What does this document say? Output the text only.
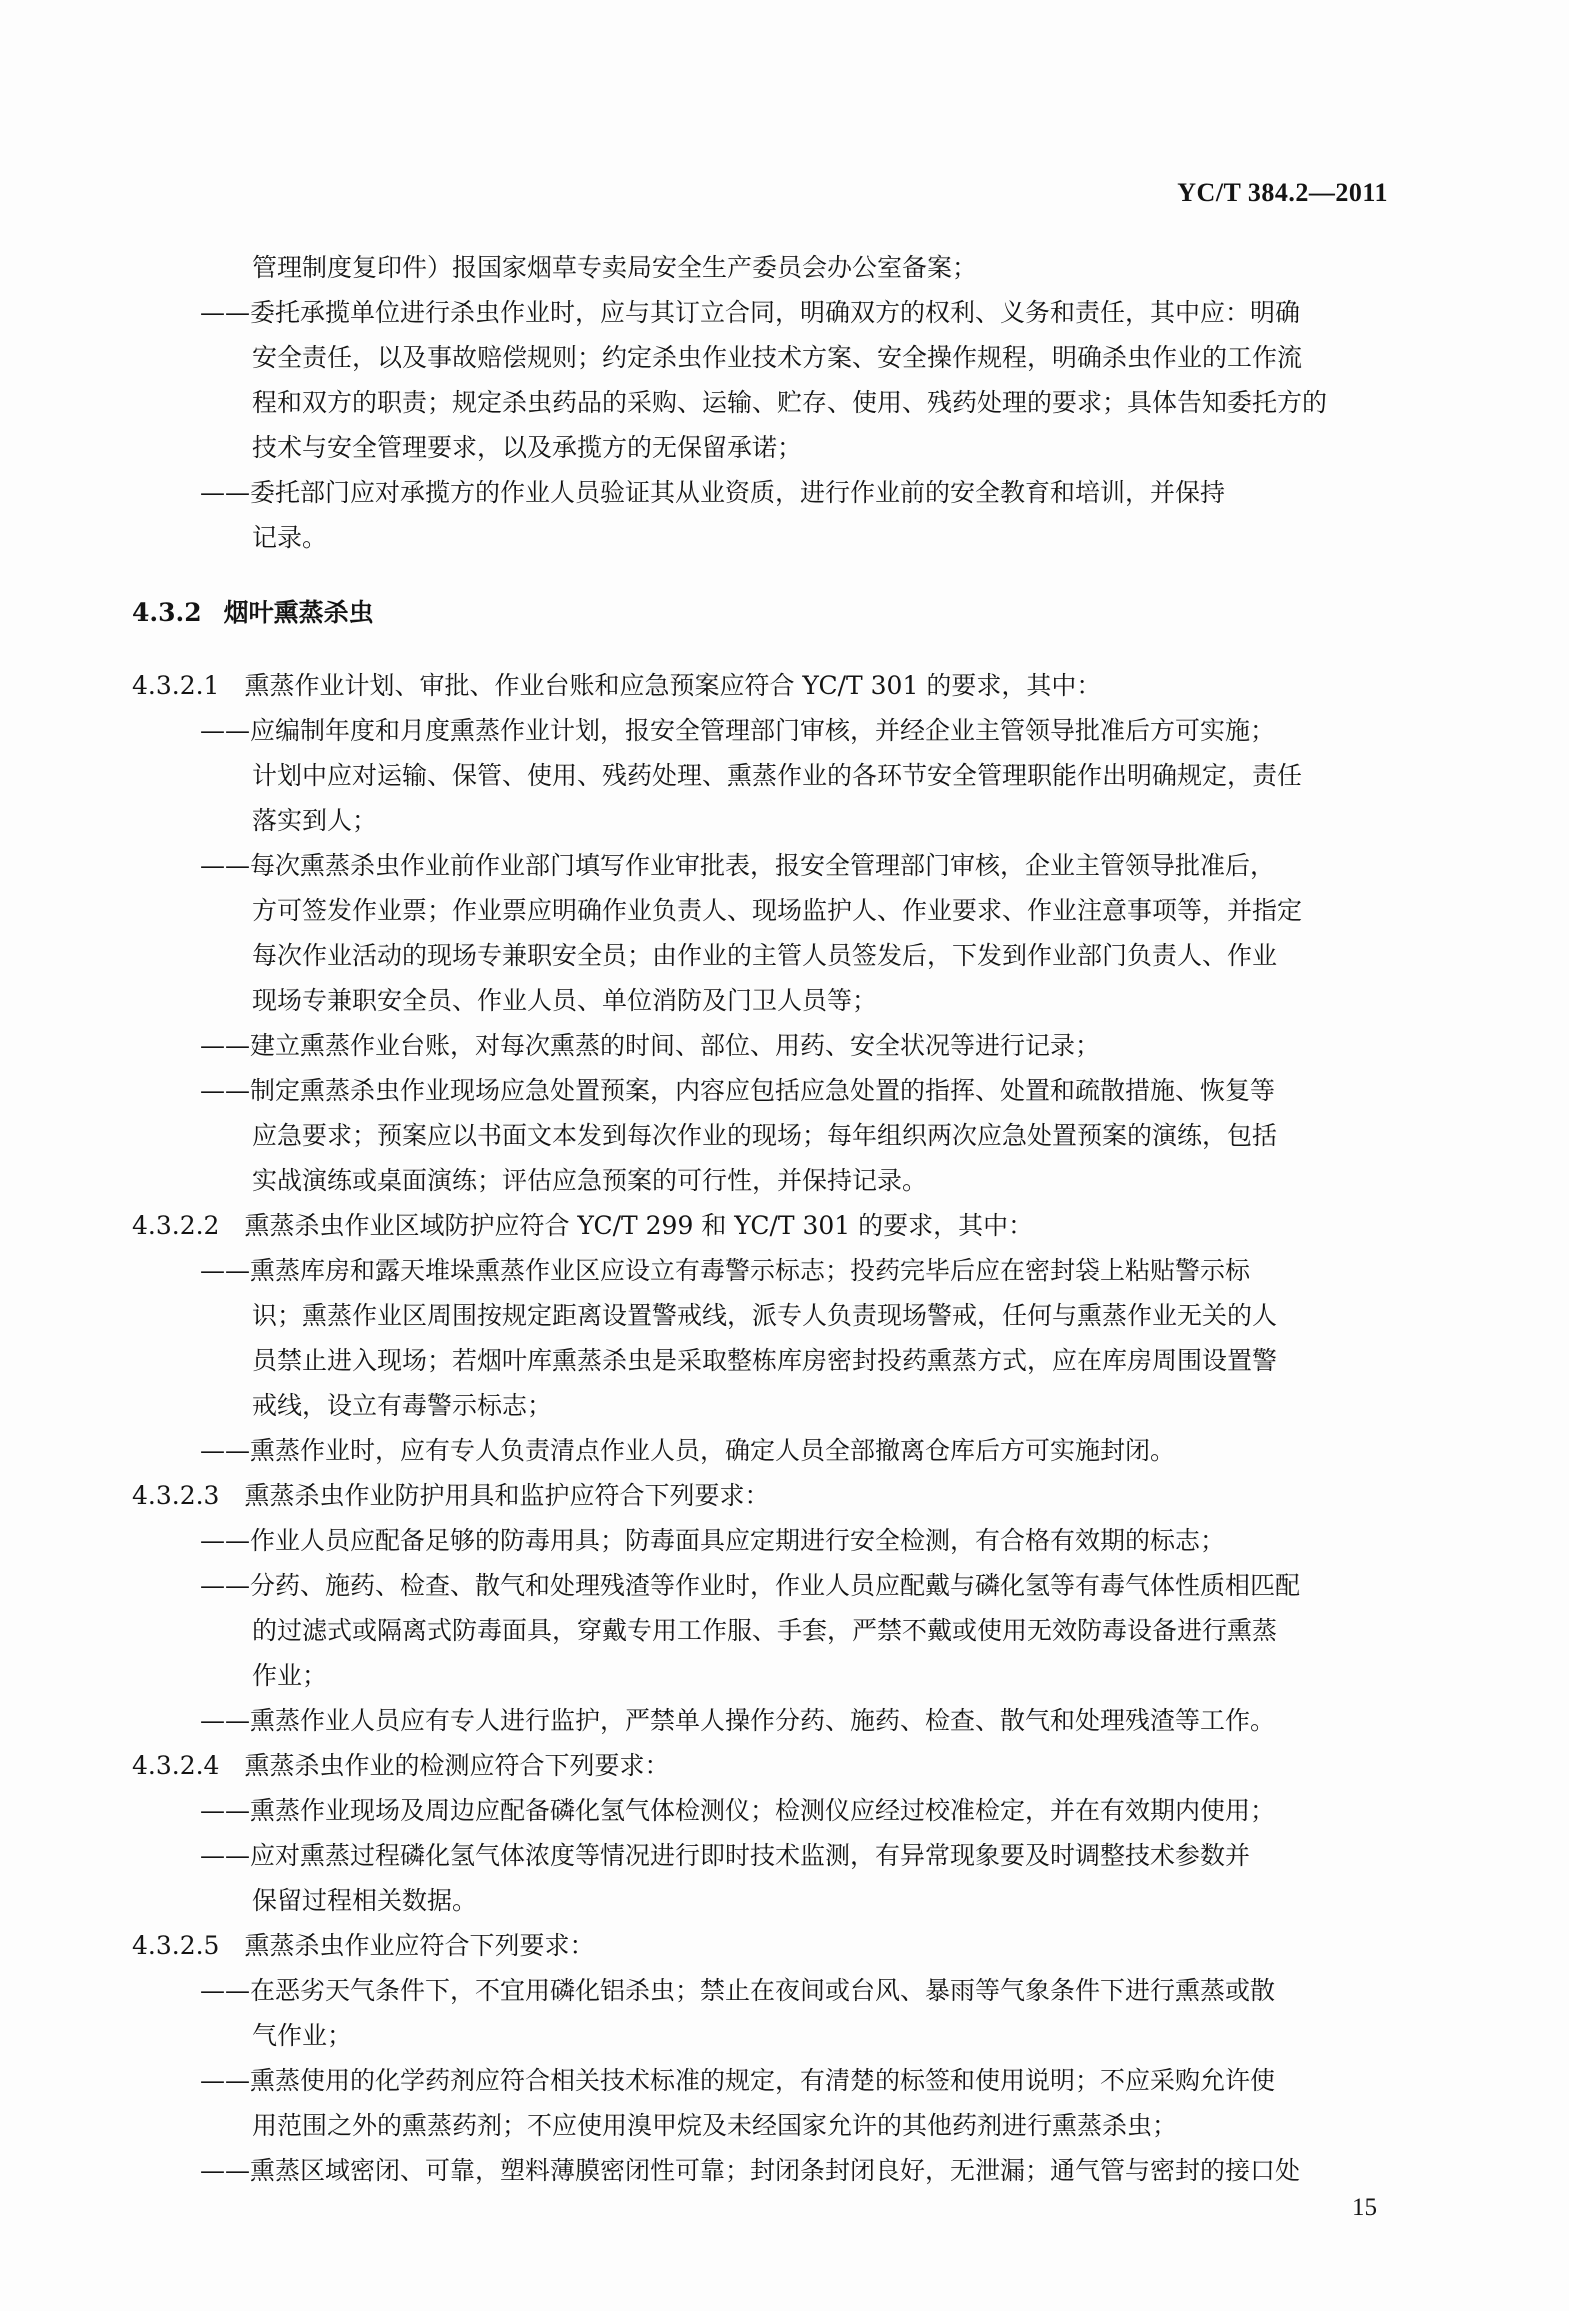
YC/T 384.2—2011
管理制度复印件）报国家烟草专卖局安全生产委员会办公室备案；
——委托承揽单位进行杀虫作业时，应与其订立合同，明确双方的权利、义务和责任，其中应：明确
安全责任，以及事故赔偿规则；约定杀虫作业技术方案、安全操作规程，明确杀虫作业的工作流
程和双方的职责；规定杀虫药品的采购、运输、贮存、使用、残药处理的要求；具体告知委托方的
技术与安全管理要求，以及承揽方的无保留承诺；
——委托部门应对承揽方的作业人员验证其从业资质，进行作业前的安全教育和培训，并保持
记录。
4.3.2 烟叶熏蒸杀虫
4.3.2.1　熏蒸作业计划、审批、作业台账和应急预案应符合 YC/T 301 的要求，其中：
——应编制年度和月度熏蒸作业计划，报安全管理部门审核，并经企业主管领导批准后方可实施；
计划中应对运输、保管、使用、残药处理、熏蒸作业的各环节安全管理职能作出明确规定，责任
落实到人；
——每次熏蒸杀虫作业前作业部门填写作业审批表，报安全管理部门审核，企业主管领导批准后，
方可签发作业票；作业票应明确作业负责人、现场监护人、作业要求、作业注意事项等，并指定
每次作业活动的现场专兼职安全员；由作业的主管人员签发后，下发到作业部门负责人、作业
现场专兼职安全员、作业人员、单位消防及门卫人员等；
——建立熏蒸作业台账，对每次熏蒸的时间、部位、用药、安全状况等进行记录；
——制定熏蒸杀虫作业现场应急处置预案，内容应包括应急处置的指挥、处置和疏散措施、恢复等
应急要求；预案应以书面文本发到每次作业的现场；每年组织两次应急处置预案的演练，包括
实战演练或桌面演练；评估应急预案的可行性，并保持记录。
4.3.2.2　熏蒸杀虫作业区域防护应符合 YC/T 299 和 YC/T 301 的要求，其中：
——熏蒸库房和露天堆垛熏蒸作业区应设立有毒警示标志；投药完毕后应在密封袋上粘贴警示标
识；熏蒸作业区周围按规定距离设置警戒线，派专人负责现场警戒，任何与熏蒸作业无关的人
员禁止进入现场；若烟叶库熏蒸杀虫是采取整栋库房密封投药熏蒸方式，应在库房周围设置警
戒线，设立有毒警示标志；
——熏蒸作业时，应有专人负责清点作业人员，确定人员全部撤离仓库后方可实施封闭。
4.3.2.3　熏蒸杀虫作业防护用具和监护应符合下列要求：
——作业人员应配备足够的防毒用具；防毒面具应定期进行安全检测，有合格有效期的标志；
——分药、施药、检查、散气和处理残渣等作业时，作业人员应配戴与磷化氢等有毒气体性质相匹配
的过滤式或隔离式防毒面具，穿戴专用工作服、手套，严禁不戴或使用无效防毒设备进行熏蒸
作业；
——熏蒸作业人员应有专人进行监护，严禁单人操作分药、施药、检查、散气和处理残渣等工作。
4.3.2.4　熏蒸杀虫作业的检测应符合下列要求：
——熏蒸作业现场及周边应配备磷化氢气体检测仪；检测仪应经过校准检定，并在有效期内使用；
——应对熏蒸过程磷化氢气体浓度等情况进行即时技术监测，有异常现象要及时调整技术参数并
保留过程相关数据。
4.3.2.5　熏蒸杀虫作业应符合下列要求：
——在恶劣天气条件下，不宜用磷化铝杀虫；禁止在夜间或台风、暴雨等气象条件下进行熏蒸或散
气作业；
——熏蒸使用的化学药剂应符合相关技术标准的规定，有清楚的标签和使用说明；不应采购允许使
用范围之外的熏蒸药剂；不应使用溴甲烷及未经国家允许的其他药剂进行熏蒸杀虫；
——熏蒸区域密闭、可靠，塑料薄膜密闭性可靠；封闭条封闭良好，无泄漏；通气管与密封的接口处
15
